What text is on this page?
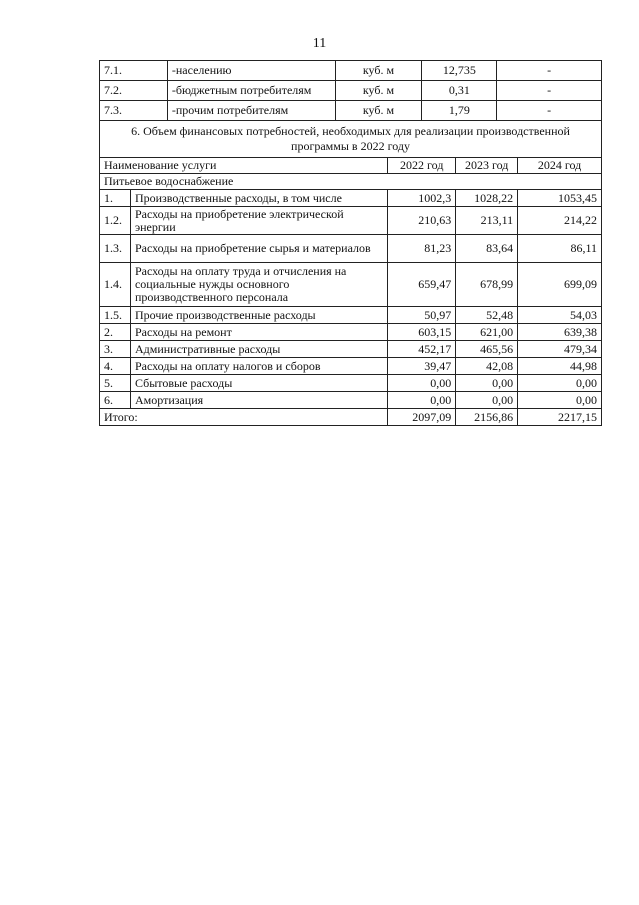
11
7.1.	-населению	куб. м	12,735	-
7.2.	-бюджетным потребителям	куб. м	0,31	-
7.3.	-прочим потребителям	куб. м	1,79	-
6. Объем финансовых потребностей, необходимых для реализации производственной программы в 2022 году				
Наименование услуги		2022 год	2023 год	2024 год
Питьевое водоснабжение				
1.	Производственные расходы, в том числе	1002,3	1028,22	1053,45
1.2.	Расходы на приобретение электрической энергии	210,63	213,11	214,22
1.3.	Расходы на приобретение сырья и материалов	81,23	83,64	86,11
1.4.	Расходы на оплату труда и отчисления на социальные нужды основного производственного персонала	659,47	678,99	699,09
1.5.	Прочие производственные расходы	50,97	52,48	54,03
2.	Расходы на ремонт	603,15	621,00	639,38
3.	Административные расходы	452,17	465,56	479,34
4.	Расходы на оплату налогов и сборов	39,47	42,08	44,98
5.	Сбытовые расходы	0,00	0,00	0,00
6.	Амортизация	0,00	0,00	0,00
Итого:		2097,09	2156,86	2217,15
